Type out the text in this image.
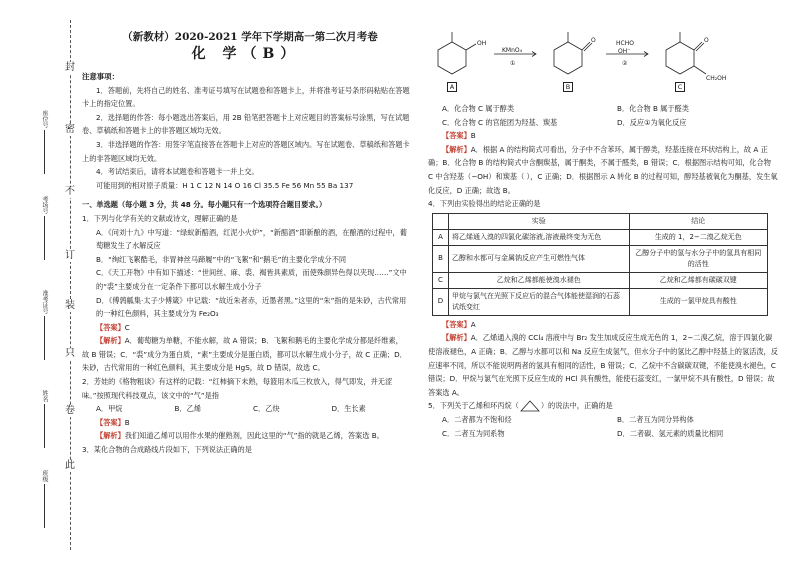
封
密
不
订
装
只
卷
此
座位号
考场号
准考证号
姓名
班级
（新教材）2020-2021 学年下学期高一第二次月考卷
化 学（B）
注意事项：

1．答题前，先将自己的姓名、准考证号填写在试题卷和答题卡上，并将准考证号条形码粘贴在答题卡上的指定位置。

2．选择题的作答：每小题选出答案后，用 2B 铅笔把答题卡上对应题目的答案标号涂黑，写在试题卷、草稿纸和答题卡上的非答题区域均无效。

3．非选择题的作答：用签字笔直接答在答题卡上对应的答题区域内。写在试题卷、草稿纸和答题卡上的非答题区域均无效。

4．考试结束后，请将本试题卷和答题卡一并上交。

可能用到的相对原子质量：H 1 C 12 N 14 O 16 Cl 35.5 Fe 56 Mn 55 Ba 137

一、单选题（每小题 3 分，共 48 分。每小题只有一个选项符合题目要求。）

1．下列与化学有关的文献或诗文，理解正确的是

A．《问刘十九》中写道：“绿蚁新醅酒，红泥小火炉”，“新醅酒”即新酿的酒，在酿酒的过程中，葡萄糖发生了水解反应

B．“绚红飞絮酷毛，非胃神丝马蹄履”中的“飞絮”和“鹅毛”的主要化学成分不同

C．《天工开物》中有如下描述：“世间丝、麻、裘、褐皆具素质，而使殊颜异色得以夹现……”文中的“裘”主要成分在一定条件下都可以水解生成小分子

D．《傅鹑觚集·太子少傅箴》中记载：“故近朱者赤，近墨者黑。”这里的“朱”指的是朱砂，古代常用的一种红色颜料，其主要成分为 Fe₂O₃

【答案】C

【解析】A．葡萄糖为单糖，不能水解，故 A 错误；B．飞絮和鹅毛的主要化学成分都是纤维素，故 B 错误；C．“裘”成分为蛋白质，“素”主要成分是蛋白质，都可以水解生成小分子，故 C 正确；D．朱砂，古代常用的一种红色颜料，其主要成分是 HgS，故 D 错误，故选 C。

2．芳娃的《格物粗谈》有这样的记载：“红柿摘下未熟，每篮用木瓜三枚放入，得气即发，并无涩味。”按照现代科技观点，该文中的“气”是指

A．甲烷	B．乙烯	C．乙炔	D．生长素

【答案】B

【解析】我们知道乙烯可以用作水果的催熟剂，因此这里的“气”指的就是乙烯，答案选 B。

3．某化合物的合成路线片段如下，下列说法正确的是

OH
KMnO₄
①
O	HCHO
OH⁻
②
O
CH₂OH
A	B	C
A．化合物 C 属于醇类	B．化合物 B 属于醛类
C．化合物 C 的官能团为羟基、羰基	D．反应①为氧化反应

【答案】B

【解析】A．根据 A 的结构简式可看出，分子中不含苯环，属于醇类，羟基连接在环状结构上，故 A 正确；B．化合物 B 的结构简式中含酮羰基，属于酮类，不属于醛类，B 错误；C．根据图示结构可知，化合物 C 中含羟基（−OH）和羰基（ ），C 正确；D．根据图示 A 转化 B 的过程可知，醇羟基被氧化为酮基，发生氧化反应，D 正确；故选 B。

4．下列由实验得出的结论正确的是

	实验	结论
A	将乙烯通入溴的四氯化碳溶液,溶液最终变为无色	生成的 1，2−二溴乙烷无色
B	乙醇和水都可与金属钠反应产生可燃性气体	乙醇分子中的氢与水分子中的氢具有相同的活性
C	乙烷和乙烯都能使溴水褪色	乙烷和乙烯都有碳碳双键
D	甲烷与氯气在光照下反应后的混合气体能使湿润的石蕊试纸变红	生成的一氯甲烷具有酸性

【答案】A

【解析】A．乙烯通入溴的 CCl₄ 溶液中与 Br₂ 发生加成反应生成无色的 1，2−二溴乙烷，溶于四氯化碳使溶液褪色，A 正确；B．乙醇与水都可以和 Na 反应生成氢气，但水分子中的氢比乙醇中羟基上的氢活泼，反应速率不同，所以不能说明两者的氢具有相同的活性，B 错误；C．乙烷中不含碳碳双键，不能使溴水褪色，C 错误；D．甲烷与氯气在光照下反应生成的 HCl 具有酸性，能使石蕊变红，一氯甲烷不具有酸性，D 错误；故答案选 A。

5．下列关于乙烯和环丙烷（	）的说法中，正确的是

A．二者都为不饱和烃	B．二者互为同分异构体
C．二者互为同系物	D．二者碳、氢元素的质量比相同
